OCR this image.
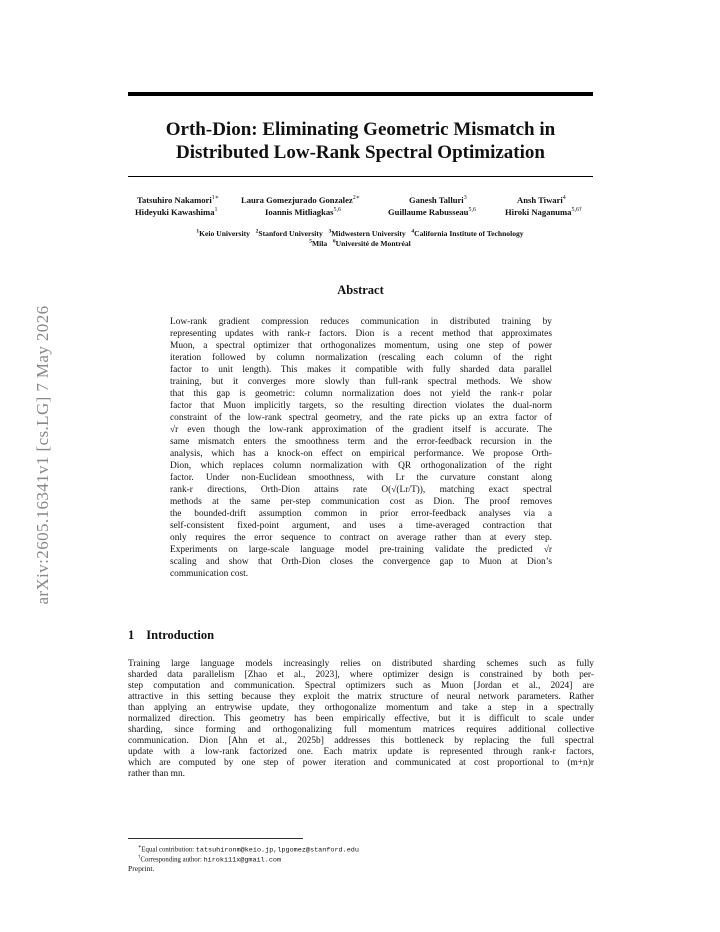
arXiv:2605.16341v1 [cs.LG] 7 May 2026
Orth-Dion: Eliminating Geometric Mismatch in
Distributed Low-Rank Spectral Optimization
Tatsuhiro Nakamori$^{1∗}$	Laura Gomezjurado Gonzalez$^{2∗}$	Ganesh Talluri$^3$	Ansh Tiwari$^4$
Hideyuki Kawashima$^1$	Ioannis Mitliagkas$^{5,6}$	Guillaume Rabusseau$^{5,6}$	Hiroki Naganuma$^{5,6\dagger}$
$^1$Keio University $^2$Stanford University $^3$Midwestern University $^4$California Institute of Technology
$^5$Mila $^6$Université de Montréal
Abstract
Low-rank gradient compression reduces communication in distributed training by
representing updates with rank-r factors. Dion is a recent method that approximates
Muon, a spectral optimizer that orthogonalizes momentum, using one step of power
iteration followed by column normalization (rescaling each column of the right
factor to unit length). This makes it compatible with fully sharded data parallel
training, but it converges more slowly than full-rank spectral methods. We show
that this gap is geometric: column normalization does not yield the rank-r polar
factor that Muon implicitly targets, so the resulting direction violates the dual-norm
constraint of the low-rank spectral geometry, and the rate picks up an extra factor of
√r even though the low-rank approximation of the gradient itself is accurate. The
same mismatch enters the smoothness term and the error-feedback recursion in the
analysis, which has a knock-on effect on empirical performance. We propose Orth-
Dion, which replaces column normalization with QR orthogonalization of the right
factor. Under non-Euclidean smoothness, with Lr the curvature constant along
rank-r directions, Orth-Dion attains rate O(√(Lr/T)), matching exact spectral
methods at the same per-step communication cost as Dion. The proof removes
the bounded-drift assumption common in prior error-feedback analyses via a
self-consistent fixed-point argument, and uses a time-averaged contraction that
only requires the error sequence to contract on average rather than at every step.
Experiments on large-scale language model pre-training validate the predicted √r
scaling and show that Orth-Dion closes the convergence gap to Muon at Dion’s
communication cost.
1 Introduction
Training large language models increasingly relies on distributed sharding schemes such as fully
sharded data parallelism [Zhao et al., 2023], where optimizer design is constrained by both per-
step computation and communication. Spectral optimizers such as Muon [Jordan et al., 2024] are
attractive in this setting because they exploit the matrix structure of neural network parameters. Rather
than applying an entrywise update, they orthogonalize momentum and take a step in a spectrally
normalized direction. This geometry has been empirically effective, but it is difficult to scale under
sharding, since forming and orthogonalizing full momentum matrices requires additional collective
communication. Dion [Ahn et al., 2025b] addresses this bottleneck by replacing the full spectral
update with a low-rank factorized one. Each matrix update is represented through rank-r factors,
which are computed by one step of power iteration and communicated at cost proportional to (m+n)r
rather than mn.
∗Equal contribution: tatsuhironm@keio.jp,lpgomez@stanford.edu
†Corresponding author: hiroki11x@gmail.com
Preprint.
